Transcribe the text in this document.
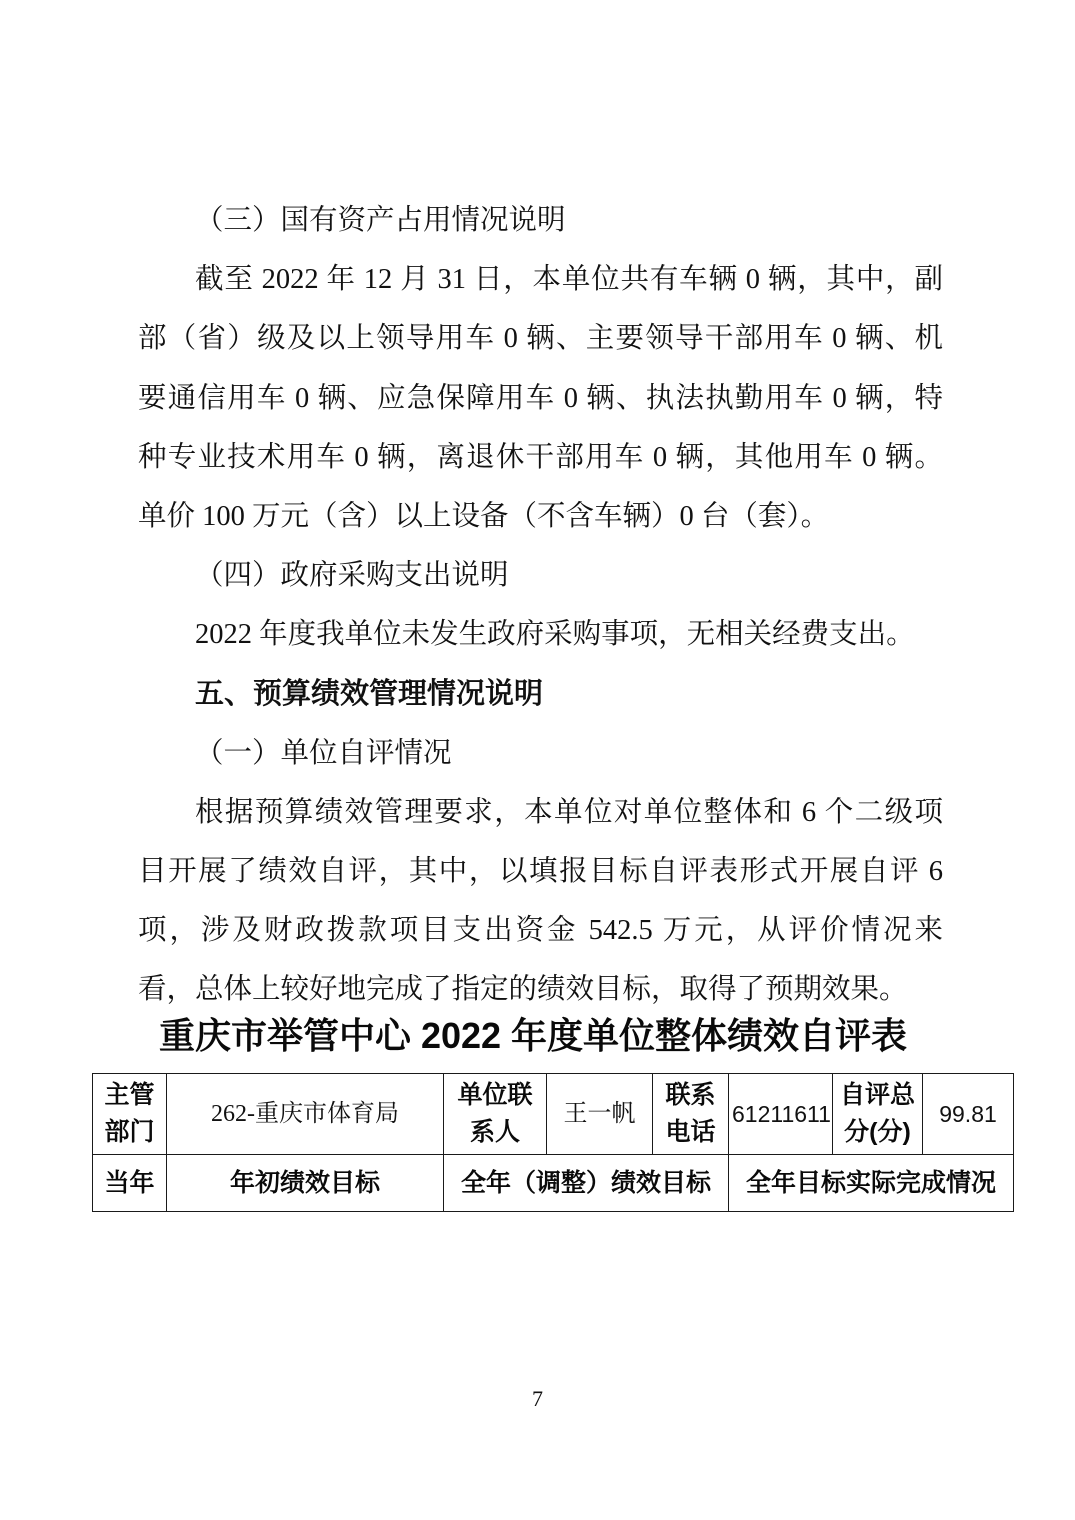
（三）国有资产占用情况说明
截至 2022 年 12 月 31 日，本单位共有车辆 0 辆，其中，副
部（省）级及以上领导用车 0 辆、主要领导干部用车 0 辆、机
要通信用车 0 辆、应急保障用车 0 辆、执法执勤用车 0 辆，特
种专业技术用车 0 辆，离退休干部用车 0 辆，其他用车 0 辆。
单价 100 万元（含）以上设备（不含车辆）0 台（套）。
（四）政府采购支出说明
2022 年度我单位未发生政府采购事项，无相关经费支出。
五、预算绩效管理情况说明
（一）单位自评情况
根据预算绩效管理要求，本单位对单位整体和 6 个二级项
目开展了绩效自评，其中，以填报目标自评表形式开展自评 6
项，涉及财政拨款项目支出资金 542.5 万元，从评价情况来
看，总体上较好地完成了指定的绩效目标，取得了预期效果。
重庆市举管中心 2022 年度单位整体绩效自评表
主管部门	262-重庆市体育局	单位联系人	王一帆	联系电话	61211611	自评总分(分)	99.81
当年	年初绩效目标	全年（调整）绩效目标			全年目标实际完成情况		
7
